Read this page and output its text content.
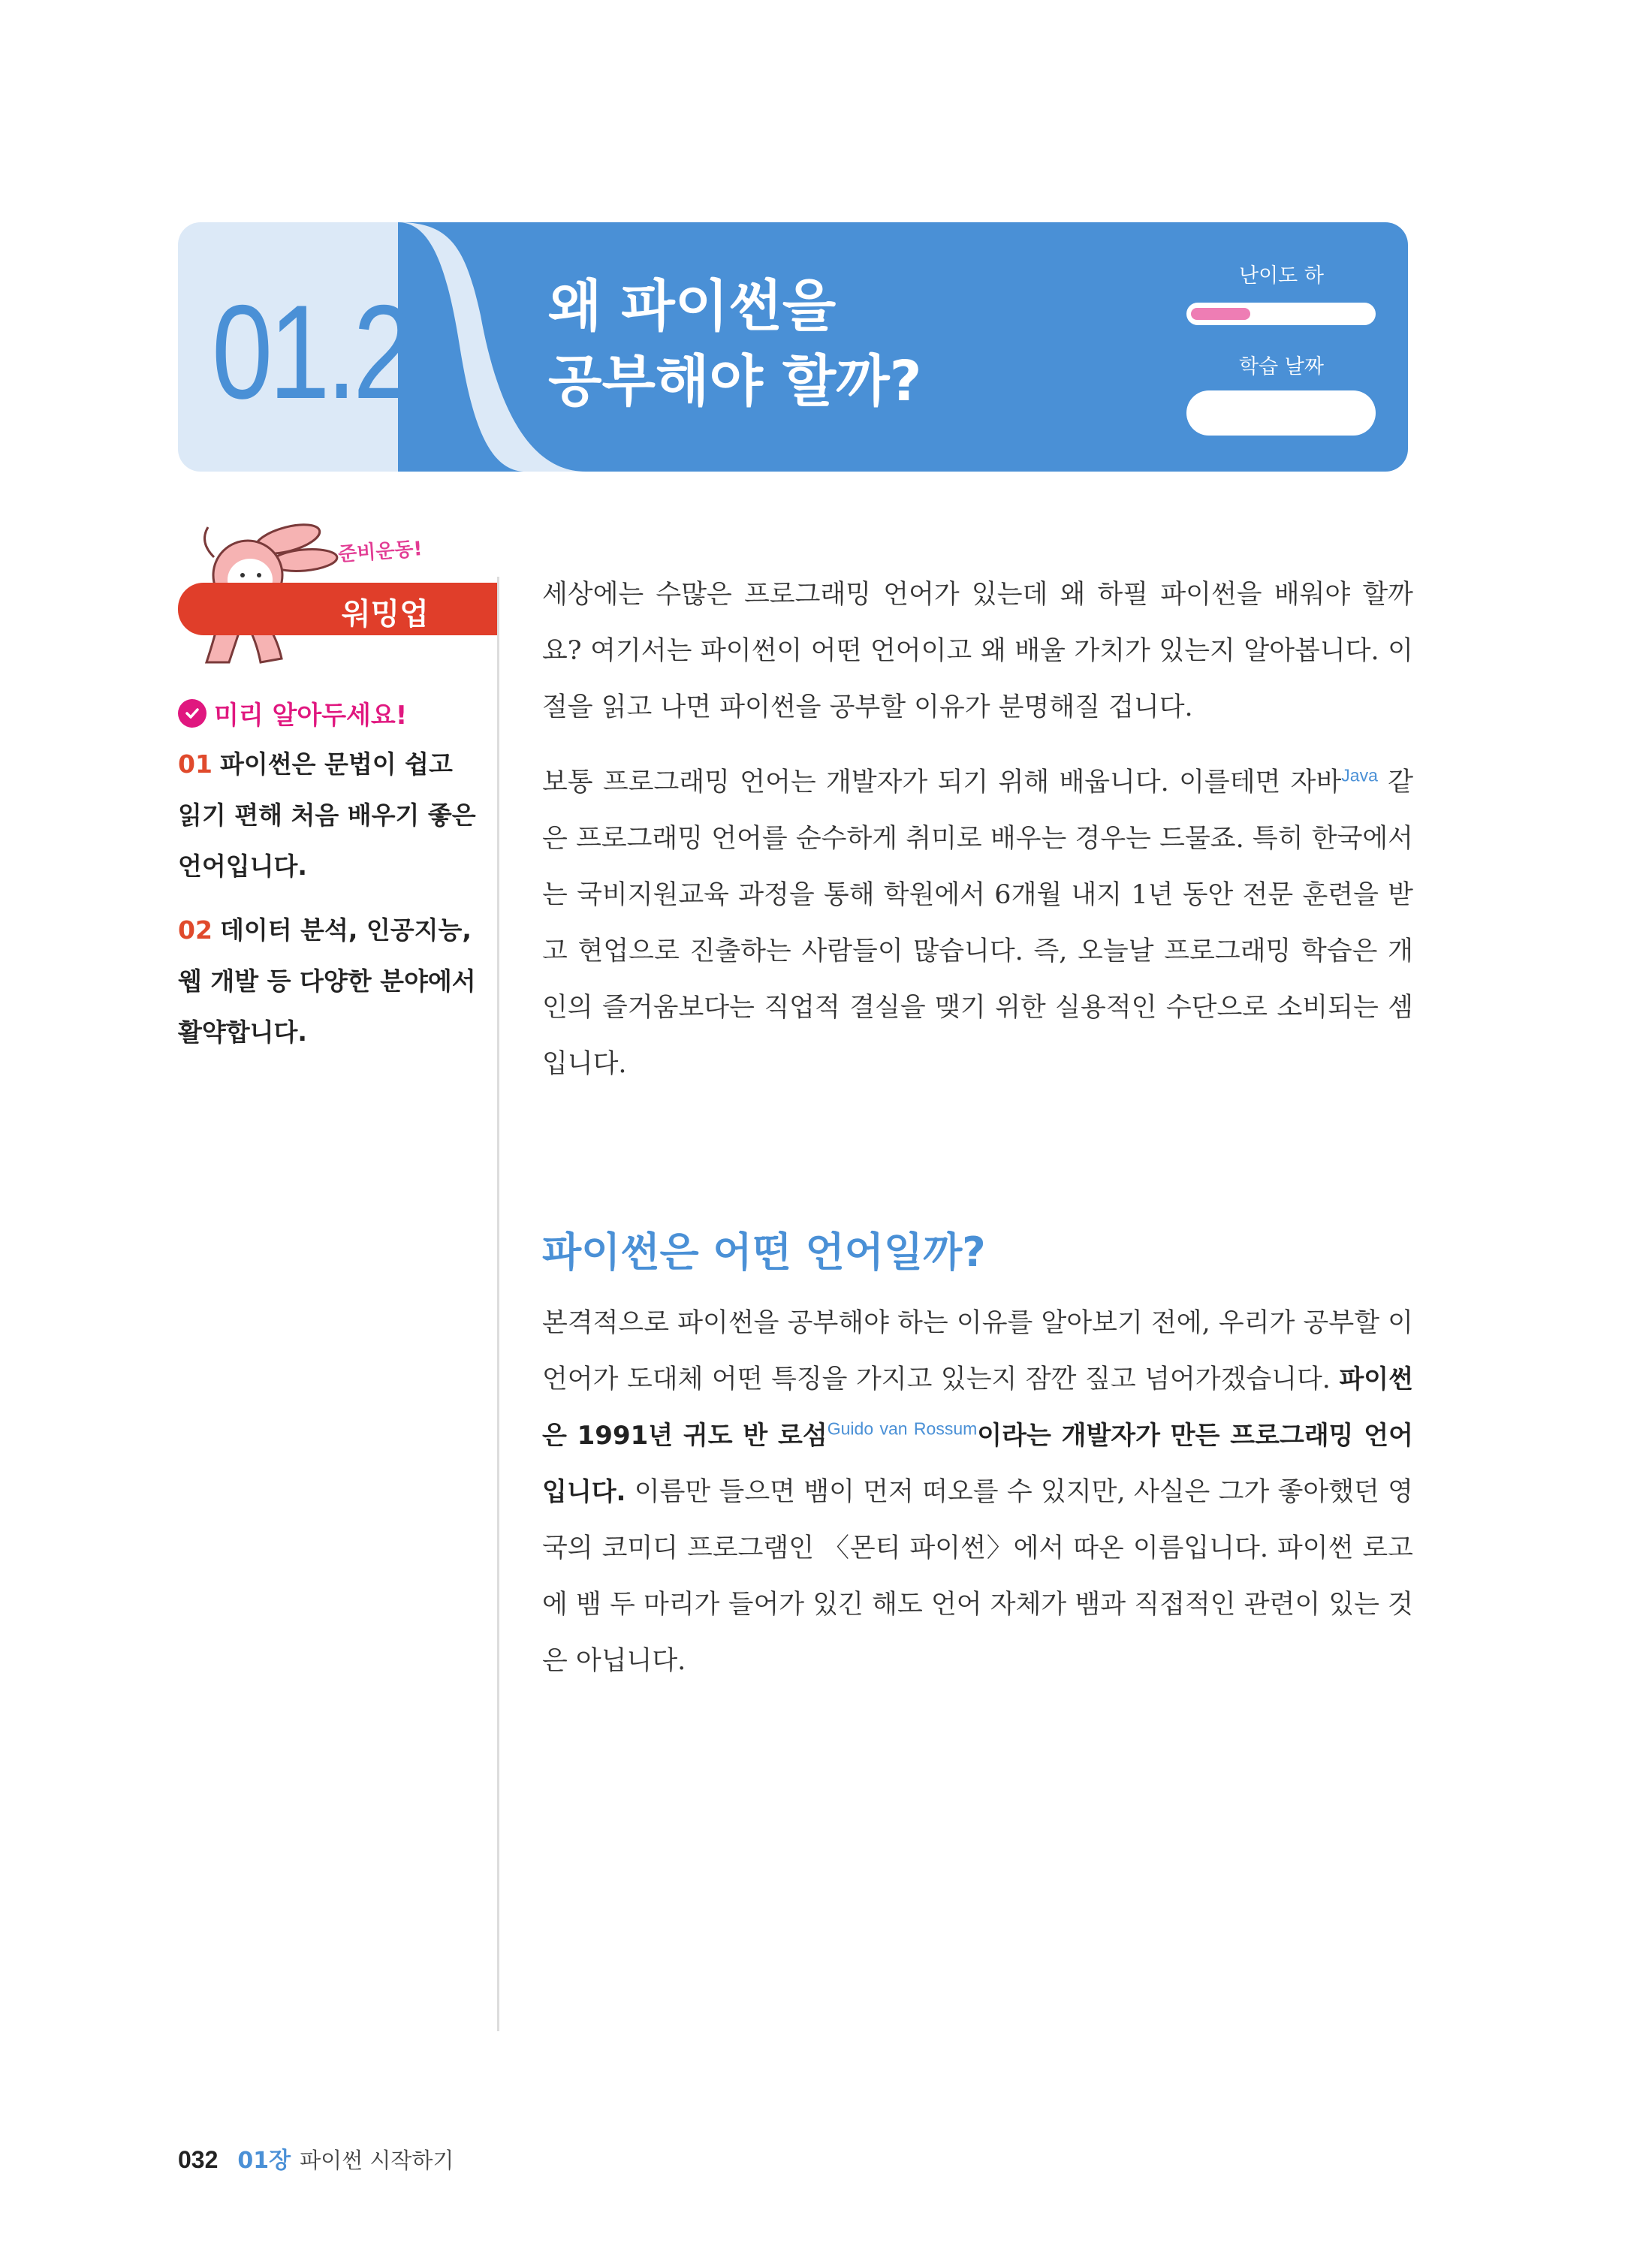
01.2 왜 파이썬을
공부해야 할까?
난이도 하
학습 날짜
준비운동!
워밍업
미리 알아두세요!
01 파이썬은 문법이 쉽고 읽기 편해 처음 배우기 좋은 언어입니다.
02 데이터 분석, 인공지능, 웹 개발 등 다양한 분야에서 활약합니다.

세상에는 수많은 프로그래밍 언어가 있는데 왜 하필 파이썬을 배워야 할까요? 여기서는 파이썬이 어떤 언어이고 왜 배울 가치가 있는지 알아봅니다. 이 절을 읽고 나면 파이썬을 공부할 이유가 분명해질 겁니다.

보통 프로그래밍 언어는 개발자가 되기 위해 배웁니다. 이를테면 자바$^{Java}$ 같은 프로그래밍 언어를 순수하게 취미로 배우는 경우는 드물죠. 특히 한국에서는 국비지원교육 과정을 통해 학원에서 6개월 내지 1년 동안 전문 훈련을 받고 현업으로 진출하는 사람들이 많습니다. 즉, 오늘날 프로그래밍 학습은 개인의 즐거움보다는 직업적 결실을 맺기 위한 실용적인 수단으로 소비되는 셈입니다.

파이썬은 어떤 언어일까?

본격적으로 파이썬을 공부해야 하는 이유를 알아보기 전에, 우리가 공부할 이 언어가 도대체 어떤 특징을 가지고 있는지 잠깐 짚고 넘어가겠습니다. 파이썬은 1991년 귀도 반 로섬$^{Guido van Rossum}$이라는 개발자가 만든 프로그래밍 언어입니다. 이름만 들으면 뱀이 먼저 떠오를 수 있지만, 사실은 그가 좋아했던 영국의 코미디 프로그램인 〈몬티 파이썬〉에서 따온 이름입니다. 파이썬 로고에 뱀 두 마리가 들어가 있긴 해도 언어 자체가 뱀과 직접적인 관련이 있는 것은 아닙니다.

032 01장 파이썬 시작하기
